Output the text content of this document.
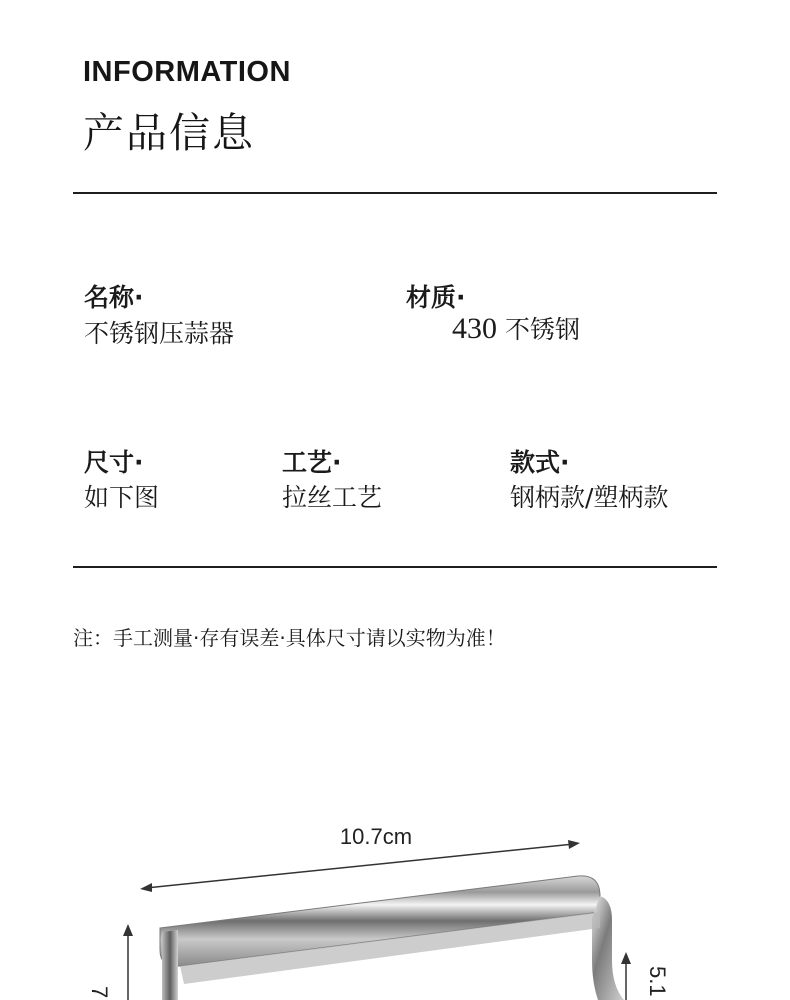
INFORMATION
产品信息
名称·
不锈钢压蒜器
材质·
430 不锈钢
尺寸·
如下图
工艺·
拉丝工艺
款式·
钢柄款/塑柄款
注：手工测量·存有误差·具体尺寸请以实物为准！
10.7cm
7	5.1
